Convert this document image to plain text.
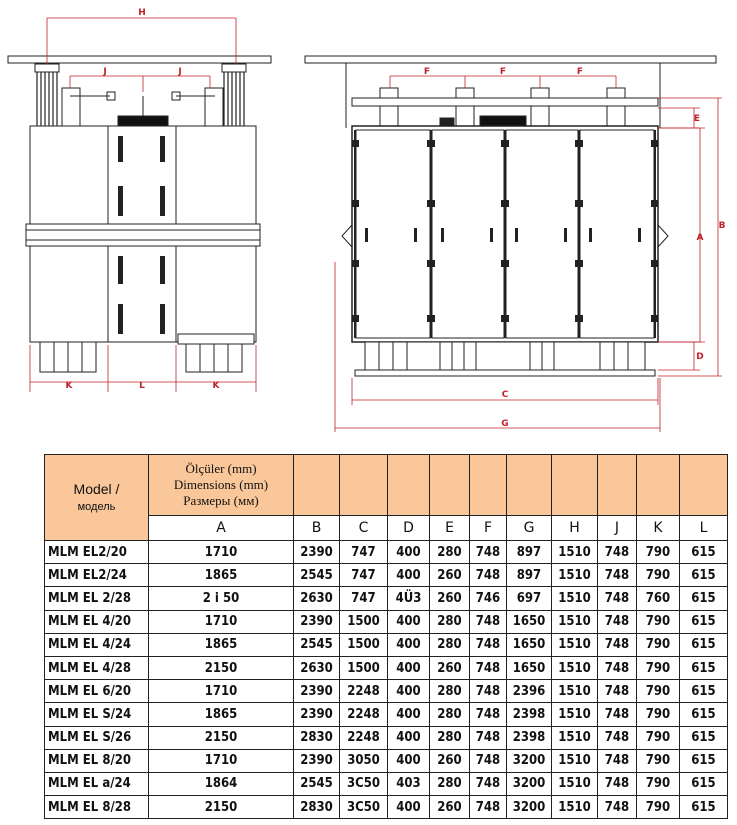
H
J	J
K	L	K
F	F	F
E
A
B
D
C
G
Model /
модель	Ölçüler (mm)
Dimensions (mm)
Размеры (мм)										

	A	B	C	D	E	F	G	H	J	K	L
MLM EL2/20	1710	2390	747	400	280	748	897	1510	748	790	615
MLM EL2/24	1865	2545	747	400	260	748	897	1510	748	790	615
MLM EL 2/28	2 i 50	2630	747	4Ü3	260	746	697	1510	748	760	615
MLM EL 4/20	1710	2390	1500	400	280	748	1650	1510	748	790	615
MLM EL 4/24	1865	2545	1500	400	280	748	1650	1510	748	790	615
MLM EL 4/28	2150	2630	1500	400	260	748	1650	1510	748	790	615
MLM EL 6/20	1710	2390	2248	400	280	748	2396	1510	748	790	615
MLM EL S/24	1865	2390	2248	400	280	748	2398	1510	748	790	615
MLM EL S/26	2150	2830	2248	400	280	748	2398	1510	748	790	615
MLM EL 8/20	1710	2390	3050	400	260	748	3200	1510	748	790	615
MLM EL a/24	1864	2545	3C50	403	280	748	3200	1510	748	790	615
MLM EL 8/28	2150	2830	3C50	400	260	748	3200	1510	748	790	615
